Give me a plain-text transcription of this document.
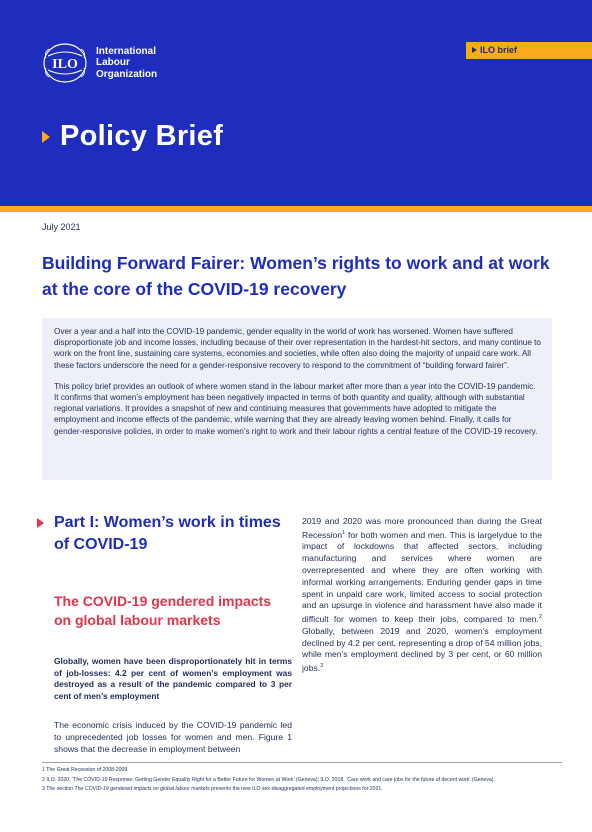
ILO
International
Labour
Organization
ILO brief
Policy Brief
July 2021
Building Forward Fairer: Women’s rights to work and at work at the core of the COVID-19 recovery

Over a year and a half into the COVID-19 pandemic, gender equality in the world of work has worsened. Women have suffered disproportionate job and income losses, including because of their over representation in the hardest-hit sectors, and many continue to work on the front line, sustaining care systems, economies and societies, while often also doing the majority of unpaid care work. All these factors underscore the need for a gender-responsive recovery to respond to the commitment of “building forward fairer”.

This policy brief provides an outlook of where women stand in the labour market after more than a year into the COVID-19 pandemic. It confirms that women’s employment has been negatively impacted in terms of both quantity and quality, although with substantial regional variations. It provides a snapshot of new and continuing measures that governments have adopted to mitigate the employment and income effects of the pandemic, while warning that they are already leaving women behind. Finally, it calls for gender-responsive policies, in order to make women’s right to work and their labour rights a central feature of the COVID-19 recovery.

Part I: Women’s work in times of COVID-19
The COVID-19 gendered impacts on global labour markets

Globally, women have been disproportionately hit in terms of job-losses: 4.2 per cent of women’s employment was destroyed as a result of the pandemic compared to 3 per cent of men’s employment

The economic crisis induced by the COVID-19 pandemic led to unprecedented job losses for women and men. Figure 1 shows that the decrease in employment between

2019 and 2020 was more pronounced than during the Great Recession$^1$ for both women and men. This is largelydue to the impact of lockdowns that affected sectors, including manufacturing and services where women are overrepresented and where they are often working with informal working arrangements. Enduring gender gaps in time spent in unpaid care work, limited access to social protection and an upsurge in violence and harassment have also made it difficult for women to keep their jobs, compared to men.$^2$ Globally, between 2019 and 2020, women’s employment declined by 4.2 per cent, representing a drop of 54 million jobs, while men’s employment declined by 3 per cent, or 60 million jobs.$^3$

1 The Great Recession of 2008-2009.
2 ILO. 2020. ‘The COVID-19 Response: Getting Gender Equality Right for a Better Future for Women at Work’ (Geneva); ILO. 2018. ‘Care work and care jobs for the future of decent work’ (Geneva).
3 The section The COVID-19 gendered impacts on global labour markets presents the new ILO sex-disaggregated employment projections for 2021.
